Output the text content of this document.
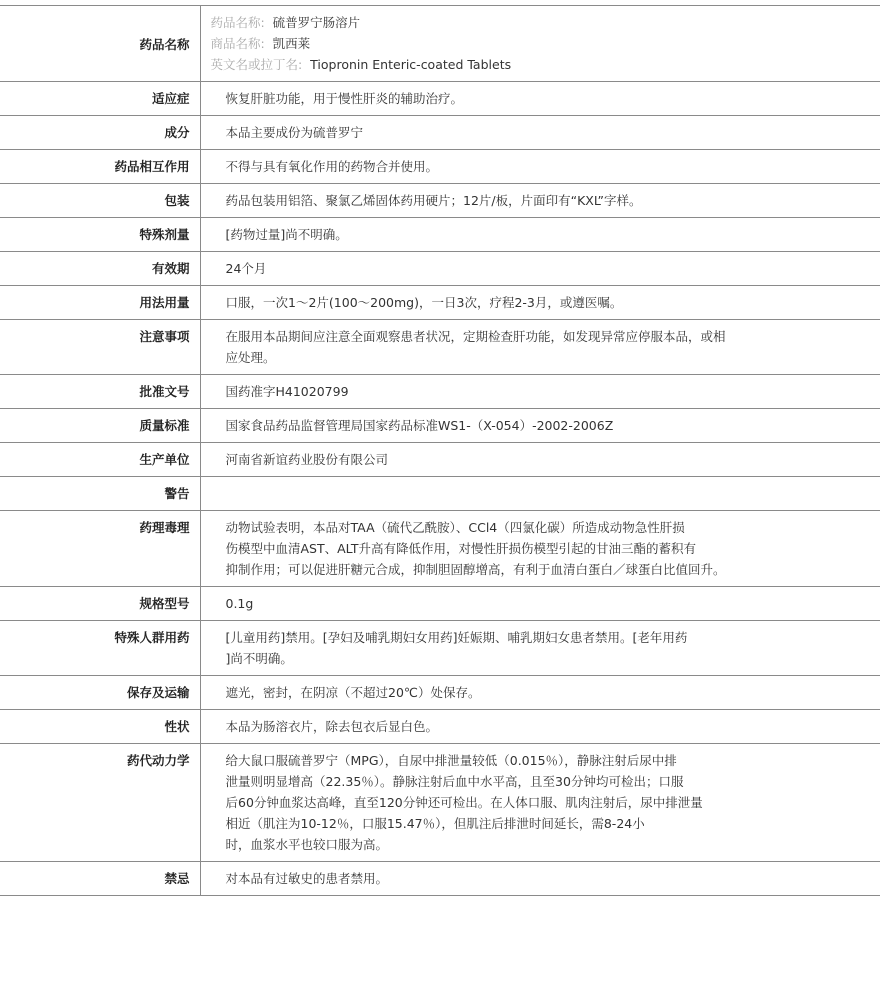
药品名称	药品名称: 硫普罗宁肠溶片
商品名称: 凯西莱
英文名或拉丁名: Tiopronin Enteric-coated Tablets

适应症	恢复肝脏功能，用于慢性肝炎的辅助治疗。

成分	本品主要成份为硫普罗宁

药品相互作用	不得与具有氧化作用的药物合并使用。

包装	药品包装用铝箔、聚氯乙烯固体药用硬片；12片/板，片面印有“KXL”字样。

特殊剂量	[药物过量]尚不明确。

有效期	24个月

用法用量	口服，一次1～2片(100～200mg)，一日3次，疗程2-3月，或遵医嘱。

注意事项	在服用本品期间应注意全面观察患者状况，定期检查肝功能，如发现异常应停服本品，或相
应处理。

批准文号	国药准字H41020799

质量标准	国家食品药品监督管理局国家药品标准WS1-（X-054）-2002-2006Z

生产单位	河南省新谊药业股份有限公司

警告	

药理毒理	动物试验表明，本品对TAA（硫代乙酰胺）、CCl4（四氯化碳）所造成动物急性肝损
伤模型中血清AST、ALT升高有降低作用，对慢性肝损伤模型引起的甘油三酯的蓄积有
抑制作用；可以促进肝糖元合成，抑制胆固醇增高，有利于血清白蛋白／球蛋白比值回升。

规格型号	0.1g

特殊人群用药	[儿童用药]禁用。[孕妇及哺乳期妇女用药]妊娠期、哺乳期妇女患者禁用。[老年用药
]尚不明确。

保存及运输	遮光，密封，在阴凉（不超过20℃）处保存。

性状	本品为肠溶衣片，除去包衣后显白色。

药代动力学	给大鼠口服硫普罗宁（MPG），自尿中排泄量较低（0.015％），静脉注射后尿中排
泄量则明显增高（22.35％）。静脉注射后血中水平高，且至30分钟均可检出；口服
后60分钟血浆达高峰，直至120分钟还可检出。在人体口服、肌肉注射后，尿中排泄量
相近（肌注为10-12％，口服15.47％），但肌注后排泄时间延长，需8-24小
时，血浆水平也较口服为高。

禁忌	对本品有过敏史的患者禁用。
